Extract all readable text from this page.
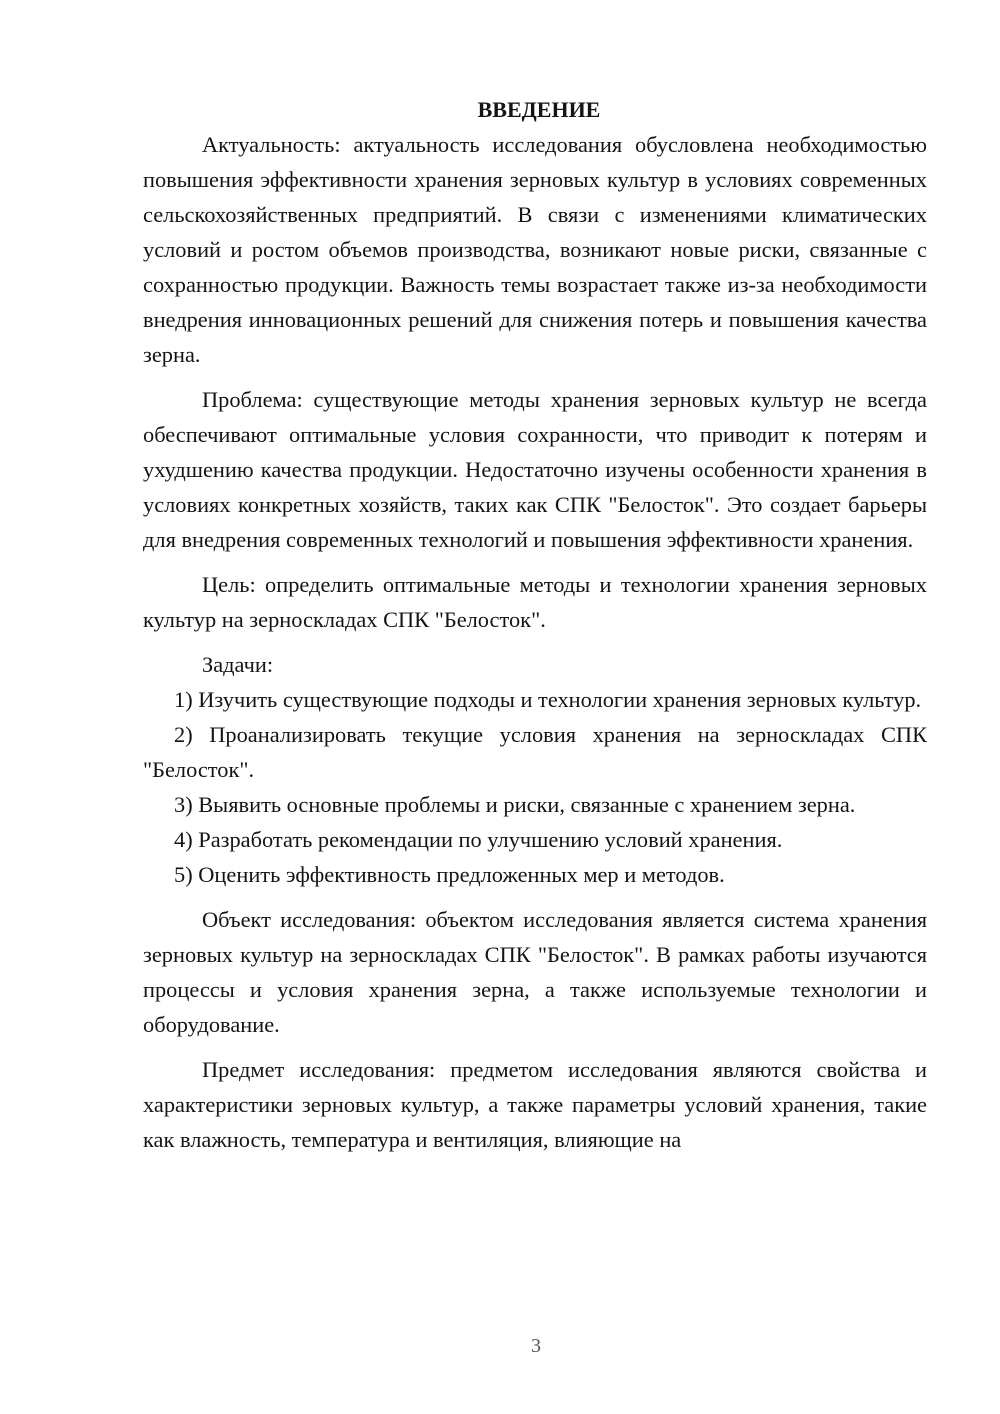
ВВЕДЕНИЕ

Актуальность: актуальность исследования обусловлена необходимостью повышения эффективности хранения зерновых культур в условиях современных сельскохозяйственных предприятий. В связи с изменениями климатических условий и ростом объемов производства, возникают новые риски, связанные с сохранностью продукции. Важность темы возрастает также из-за необходимости внедрения инновационных решений для снижения потерь и повышения качества зерна.

Проблема: существующие методы хранения зерновых культур не всегда обеспечивают оптимальные условия сохранности, что приводит к потерям и ухудшению качества продукции. Недостаточно изучены особенности хранения в условиях конкретных хозяйств, таких как СПК "Белосток". Это создает барьеры для внедрения современных технологий и повышения эффективности хранения.

Цель: определить оптимальные методы и технологии хранения зерновых культур на зерноскладах СПК "Белосток".

Задачи:

1) Изучить существующие подходы и технологии хранения зерновых культур.

2) Проанализировать текущие условия хранения на зерноскладах СПК "Белосток".

3) Выявить основные проблемы и риски, связанные с хранением зерна.

4) Разработать рекомендации по улучшению условий хранения.

5) Оценить эффективность предложенных мер и методов.

Объект исследования: объектом исследования является система хранения зерновых культур на зерноскладах СПК "Белосток". В рамках работы изучаются процессы и условия хранения зерна, а также используемые технологии и оборудование.

Предмет исследования: предметом исследования являются свойства и характеристики зерновых культур, а также параметры условий хранения, такие как влажность, температура и вентиляция, влияющие на

3
